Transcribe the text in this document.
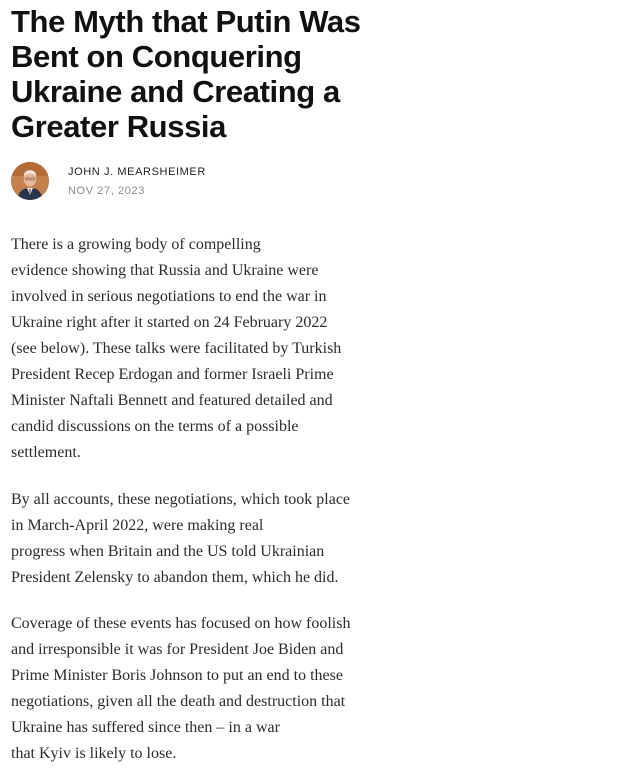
The Myth that Putin Was
Bent on Conquering
Ukraine and Creating a
Greater Russia
JOHN J. MEARSHEIMER
NOV 27, 2023

There is a growing body of compelling
evidence showing that Russia and Ukraine were
involved in serious negotiations to end the war in
Ukraine right after it started on 24 February 2022
(see below). These talks were facilitated by Turkish
President Recep Erdogan and former Israeli Prime
Minister Naftali Bennett and featured detailed and
candid discussions on the terms of a possible
settlement.

By all accounts, these negotiations, which took place
in March-April 2022, were making real
progress when Britain and the US told Ukrainian
President Zelensky to abandon them, which he did.

Coverage of these events has focused on how foolish
and irresponsible it was for President Joe Biden and
Prime Minister Boris Johnson to put an end to these
negotiations, given all the death and destruction that
Ukraine has suffered since then – in a war
that Kyiv is likely to lose.
